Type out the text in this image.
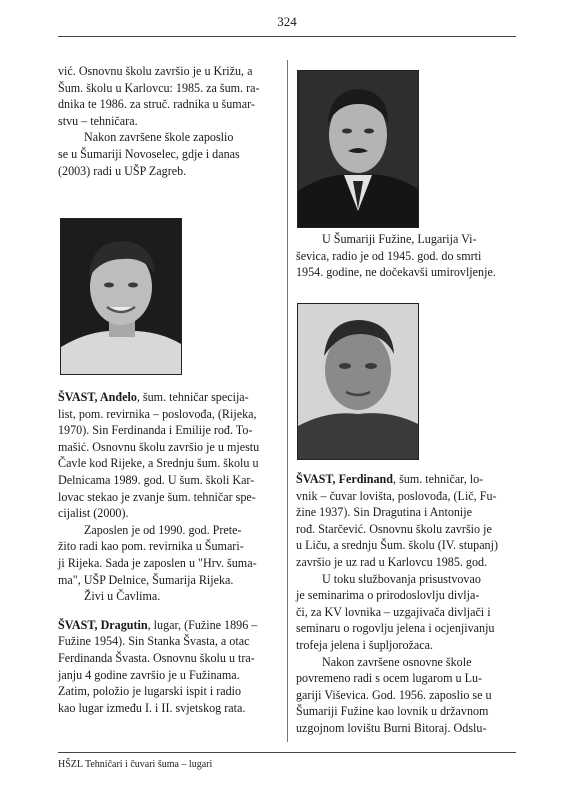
324

vić. Osnovnu školu završio je u Križu, a

Šum. školu u Karlovcu: 1985. za šum. ra-

dnika te 1986. za struč. radnika u šumar-

stvu – tehničara.

Nakon završene škole zaposlio

se u Šumariji Novoselec, gdje i danas

(2003) radi u UŠP Zagreb.

ŠVAST, Anđelo, šum. tehničar specija-

list, pom. revirnika – poslovođa, (Rijeka,

1970). Sin Ferdinanda i Emilije rođ. To-

mašić. Osnovnu školu završio je u mjestu

Čavle kod Rijeke, a Srednju šum. školu u

Delnicama 1989. god. U šum. školi Kar-

lovac stekao je zvanje šum. tehničar spe-

cijalist (2000).

Zaposlen je od 1990. god. Prete-

žito radi kao pom. revirnika u Šumari-

ji Rijeka. Sada je zaposlen u "Hrv. šuma-

ma", UŠP Delnice, Šumarija Rijeka.

Živi u Čavlima.

ŠVAST, Dragutin, lugar, (Fužine 1896 –

Fužine 1954). Sin Stanka Švasta, a otac

Ferdinanda Švasta. Osnovnu školu u tra-

janju 4 godine završio je u Fužinama.

Zatim, položio je lugarski ispit i radio

kao lugar između I. i II. svjetskog rata.

U Šumariji Fužine, Lugarija Vi-

ševica, radio je od 1945. god. do smrti

1954. godine, ne dočekavši umirovljenje.

ŠVAST, Ferdinand, šum. tehničar, lo-

vnik – čuvar lovišta, poslovođa, (Lič, Fu-

žine 1937). Sin Dragutina i Antonije

rođ. Starčević. Osnovnu školu završio je

u Liču, a srednju Šum. školu (IV. stupanj)

završio je uz rad u Karlovcu 1985. god.

U toku službovanja prisustvovao

je seminarima o prirodoslovlju divlja-

či, za KV lovnika – uzgajivača divljači i

seminaru o rogovlju jelena i ocjenjivanju

trofeja jelena i šupljorožaca.

Nakon završene osnovne škole

povremeno radi s ocem lugarom u Lu-

gariji Viševica. God. 1956. zaposlio se u

Šumariji Fužine kao lovnik u državnom

uzgojnom lovištu Burni Bitoraj. Odslu-

HŠZL Tehničari i čuvari šuma – lugari
